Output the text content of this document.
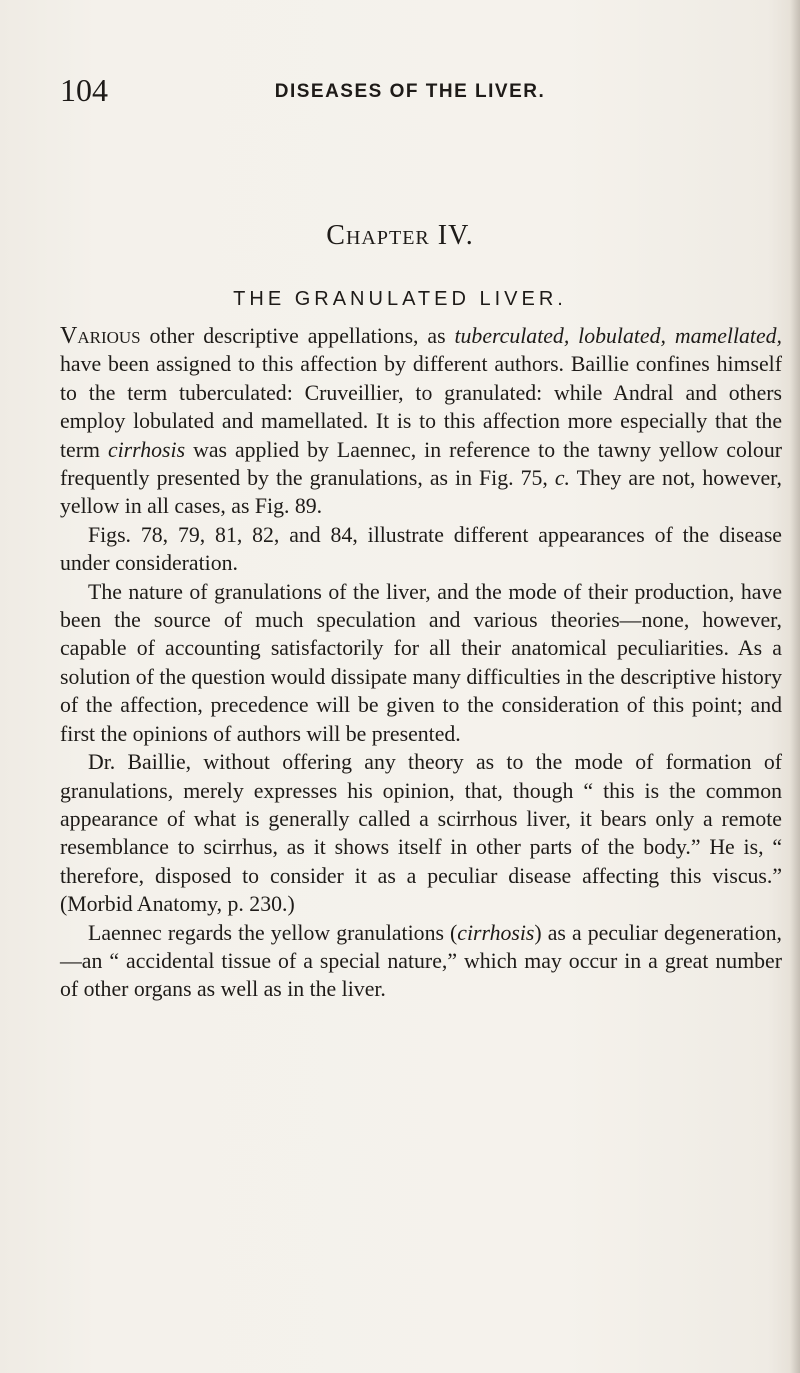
104	DISEASES OF THE LIVER.
Chapter IV.
THE GRANULATED LIVER.

Various other descriptive appellations, as tuberculated, lobulated, mamellated, have been assigned to this affection by different authors. Baillie confines himself to the term tuberculated: Cruveillier, to granulated: while Andral and others employ lobulated and mamellated. It is to this affection more especially that the term cirrhosis was applied by Laennec, in reference to the tawny yellow colour frequently presented by the granulations, as in Fig. 75, c. They are not, however, yellow in all cases, as Fig. 89.

Figs. 78, 79, 81, 82, and 84, illustrate different appearances of the disease under consideration.

The nature of granulations of the liver, and the mode of their production, have been the source of much speculation and various theories—none, however, capable of accounting satisfactorily for all their anatomical peculiarities. As a solution of the question would dissipate many difficulties in the descriptive history of the affection, precedence will be given to the consideration of this point; and first the opinions of authors will be presented.

Dr. Baillie, without offering any theory as to the mode of formation of granulations, merely expresses his opinion, that, though “ this is the common appearance of what is generally called a scirrhous liver, it bears only a remote resemblance to scirrhus, as it shows itself in other parts of the body.” He is, “ therefore, disposed to consider it as a peculiar disease affecting this viscus.” (Morbid Anatomy, p. 230.)

Laennec regards the yellow granulations (cirrhosis) as a peculiar degeneration,—an “ accidental tissue of a special nature,” which may occur in a great number of other organs as well as in the liver.
